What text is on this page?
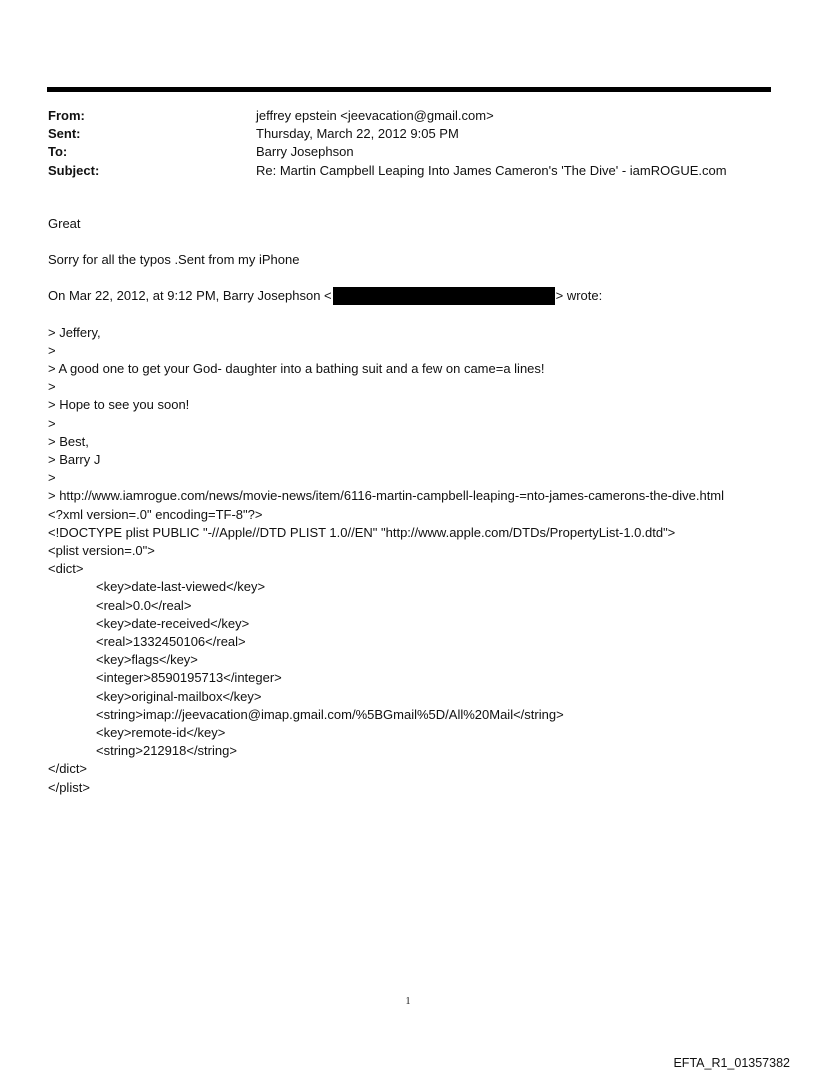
From:	jeffrey epstein <jeevacation@gmail.com>
Sent:	Thursday, March 22, 2012 9:05 PM
To:	Barry Josephson
Subject:	Re: Martin Campbell Leaping Into James Cameron's 'The Dive' - iamROGUE.com
Great
Sorry for all the typos .Sent from my iPhone
On Mar 22, 2012, at 9:12 PM, Barry Josephson <	> wrote:
> Jeffery,
>
> A good one to get your God- daughter into a bathing suit and a few on came=a lines!
>
> Hope to see you soon!
>
> Best,
> Barry J
>
> http://www.iamrogue.com/news/movie-news/item/6116-martin-campbell-leaping-=nto-james-camerons-the-dive.html
<?xml version=.0" encoding=TF-8"?>
<!DOCTYPE plist PUBLIC "-//Apple//DTD PLIST 1.0//EN" "http://www.apple.com/DTDs/PropertyList-1.0.dtd">
<plist version=.0">
<dict>
<key>date-last-viewed</key>
<real>0.0</real>
<key>date-received</key>
<real>1332450106</real>
<key>flags</key>
<integer>8590195713</integer>
<key>original-mailbox</key>
<string>imap://jeevacation@imap.gmail.com/%5BGmail%5D/All%20Mail</string>
<key>remote-id</key>
<string>212918</string>
</dict>
</plist>
1
EFTA_R1_01357382
